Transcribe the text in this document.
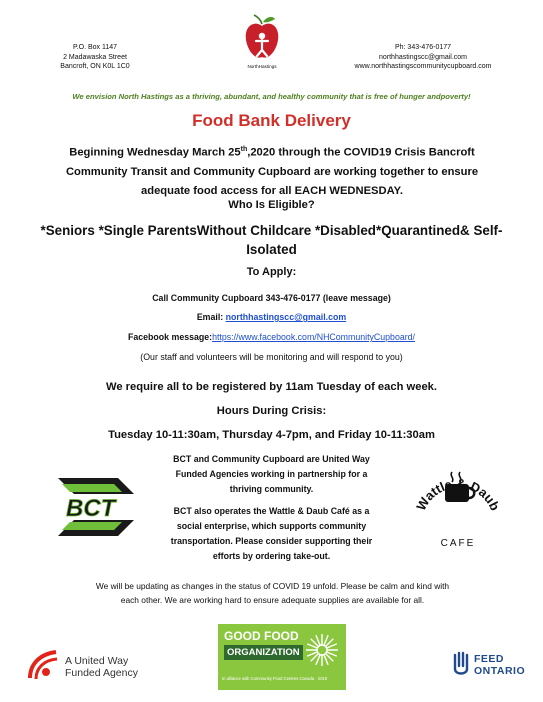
P.O. Box 1147
2 Madawaska Street
Bancroft, ON K0L 1C0	NorthHastings
Ph: 343-476-0177
northhastingscc@gmail.com
www.northhastingscommunitycupboard.com
We envision North Hastings as a thriving, abundant, and healthy community that is free of hunger andpoverty!
Food Bank Delivery
Beginning Wednesday March 25th,2020 through the COVID19 Crisis Bancroft Community Transit and Community Cupboard are working together to ensure adequate food access for all EACH WEDNESDAY.
Who Is Eligible?
*Seniors *Single ParentsWithout Childcare *Disabled*Quarantined& Self-Isolated
To Apply:
Call Community Cupboard 343-476-0177 (leave message)
Email: northhastingscc@gmail.com
Facebook message:https://www.facebook.com/NHCommunityCupboard/
(Our staff and volunteers will be monitoring and will respond to you)
We require all to be registered by 11am Tuesday of each week.
Hours During Crisis:
Tuesday 10-11:30am, Thursday 4-7pm, and Friday 10-11:30am
BCT
BCT and Community Cupboard are United Way Funded Agencies working in partnership for a thriving community.
BCT also operates the Wattle & Daub Café as a social enterprise, which supports community transportation. Please consider supporting their efforts by ordering take-out.
Wattle & Daub
CAFE
We will be updating as changes in the status of COVID 19 unfold. Please be calm and kind with each other. We are working hard to ensure adequate supplies are available for all.
A United Way
Funded Agency
GOOD FOOD
ORGANIZATION
In alliance with Community Food Centres Canada · 2019
FEED
ONTARIO
